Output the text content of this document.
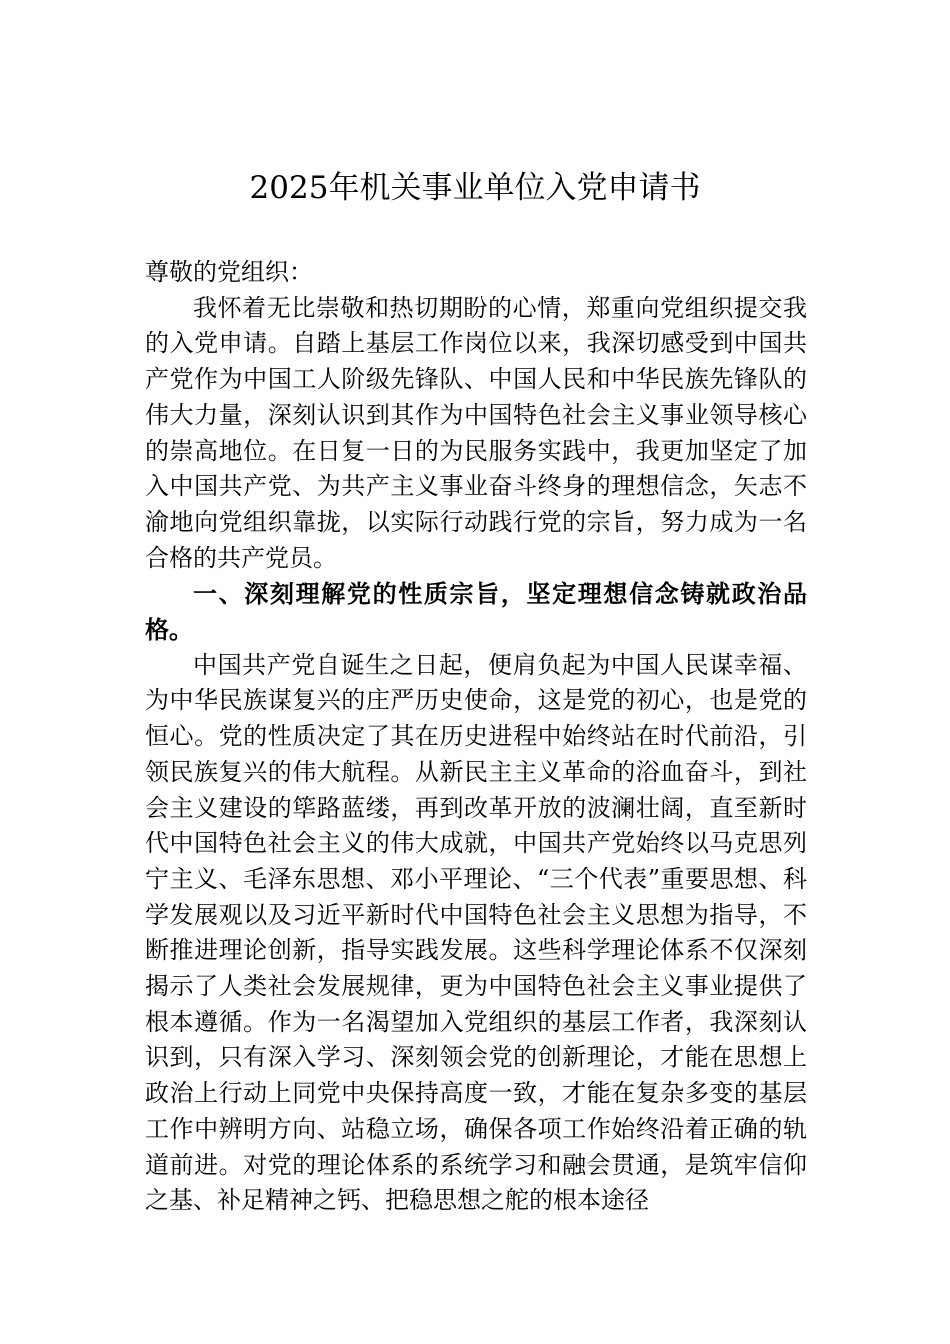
2025年机关事业单位入党申请书

尊敬的党组织：

我怀着无比崇敬和热切期盼的心情，郑重向党组织提交我的入党申请。自踏上基层工作岗位以来，我深切感受到中国共产党作为中国工人阶级先锋队、中国人民和中华民族先锋队的伟大力量，深刻认识到其作为中国特色社会主义事业领导核心的崇高地位。在日复一日的为民服务实践中，我更加坚定了加入中国共产党、为共产主义事业奋斗终身的理想信念，矢志不渝地向党组织靠拢，以实际行动践行党的宗旨，努力成为一名合格的共产党员。

一、深刻理解党的性质宗旨，坚定理想信念铸就政治品格。

中国共产党自诞生之日起，便肩负起为中国人民谋幸福、为中华民族谋复兴的庄严历史使命，这是党的初心，也是党的恒心。党的性质决定了其在历史进程中始终站在时代前沿，引领民族复兴的伟大航程。从新民主主义革命的浴血奋斗，到社会主义建设的筚路蓝缕，再到改革开放的波澜壮阔，直至新时代中国特色社会主义的伟大成就，中国共产党始终以马克思列宁主义、毛泽东思想、邓小平理论、“三个代表”重要思想、科学发展观以及习近平新时代中国特色社会主义思想为指导，不断推进理论创新，指导实践发展。这些科学理论体系不仅深刻揭示了人类社会发展规律，更为中国特色社会主义事业提供了根本遵循。作为一名渴望加入党组织的基层工作者，我深刻认识到，只有深入学习、深刻领会党的创新理论，才能在思想上政治上行动上同党中央保持高度一致，才能在复杂多变的基层工作中辨明方向、站稳立场，确保各项工作始终沿着正确的轨道前进。对党的理论体系的系统学习和融会贯通，是筑牢信仰之基、补足精神之钙、把稳思想之舵的根本途径
